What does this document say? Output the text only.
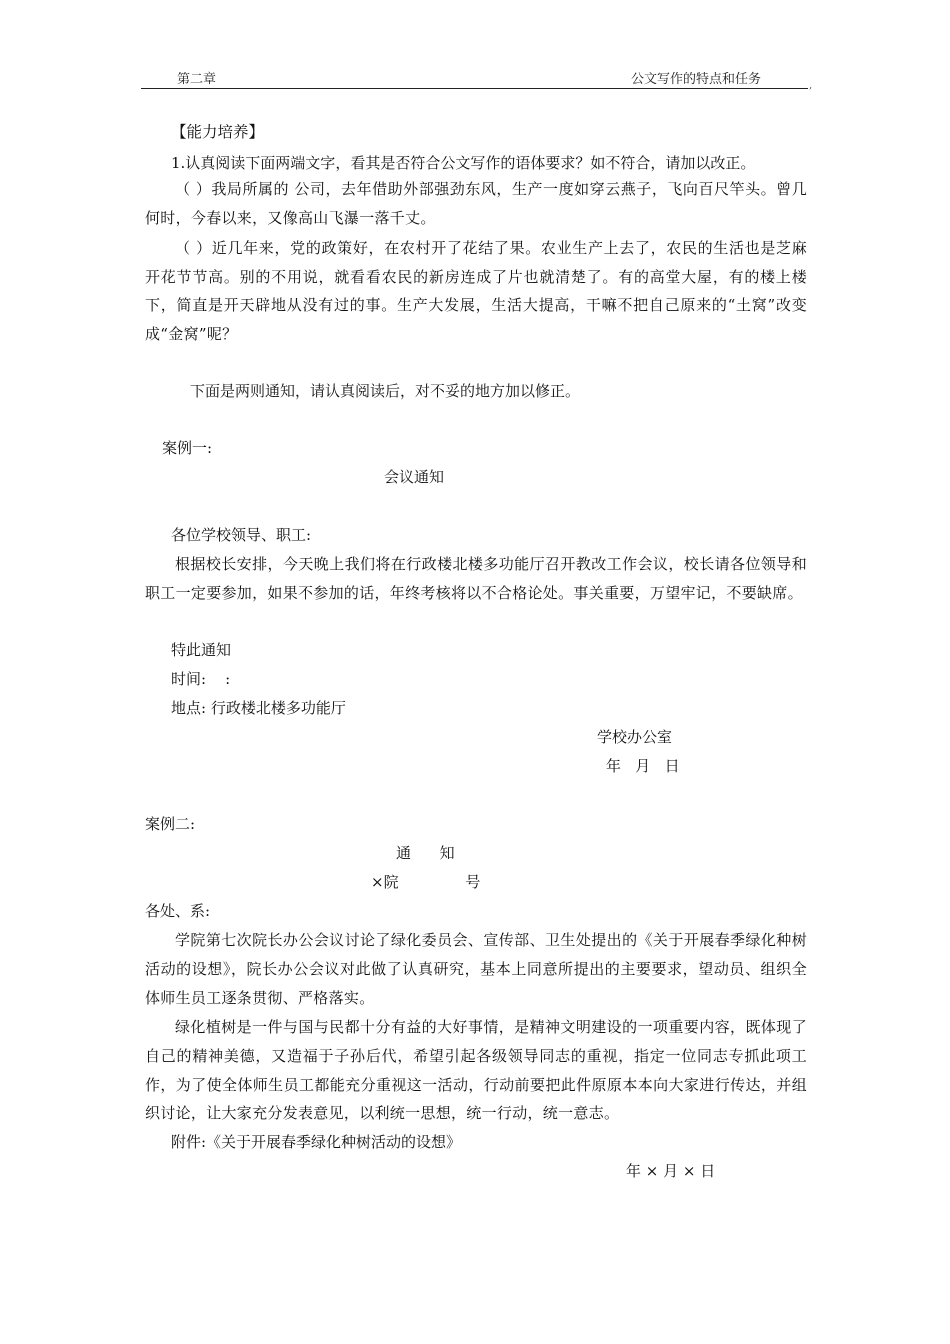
第二章	公文写作的特点和任务	,
【能力培养】
1.认真阅读下面两端文字，看其是否符合公文写作的语体要求？如不符合，请加以改正。
（ ）我局所属的 公司，去年借助外部强劲东风，生产一度如穿云燕子，飞向百尺竿头。曾几何时，今春以来，又像高山飞瀑一落千丈。
（ ）近几年来，党的政策好，在农村开了花结了果。农业生产上去了，农民的生活也是芝麻开花节节高。别的不用说，就看看农民的新房连成了片也就清楚了。有的高堂大屋，有的楼上楼下，简直是开天辟地从没有过的事。生产大发展，生活大提高，干嘛不把自己原来的“土窝”改变成“金窝”呢？
下面是两则通知，请认真阅读后，对不妥的地方加以修正。
案例一:
会议通知
各位学校领导、职工:
根据校长安排，今天晚上我们将在行政楼北楼多功能厅召开教改工作会议，校长请各位领导和职工一定要参加，如果不参加的话，年终考核将以不合格论处。事关重要，万望牢记，不要缺席。
特此通知
时间:    :
地点: 行政楼北楼多功能厅
学校办公室
年   月   日
案例二:
通      知
×院              号
各处、系:
学院第七次院长办公会议讨论了绿化委员会、宣传部、卫生处提出的《关于开展春季绿化种树活动的设想》，院长办公会议对此做了认真研究，基本上同意所提出的主要要求，望动员、组织全体师生员工逐条贯彻、严格落实。
绿化植树是一件与国与民都十分有益的大好事情，是精神文明建设的一项重要内容，既体现了自己的精神美德，又造福于子孙后代，希望引起各级领导同志的重视，指定一位同志专抓此项工作，为了使全体师生员工都能充分重视这一活动，行动前要把此件原原本本向大家进行传达，并组织讨论，让大家充分发表意见，以利统一思想，统一行动，统一意志。
附件:《关于开展春季绿化种树活动的设想》
年 × 月 × 日
